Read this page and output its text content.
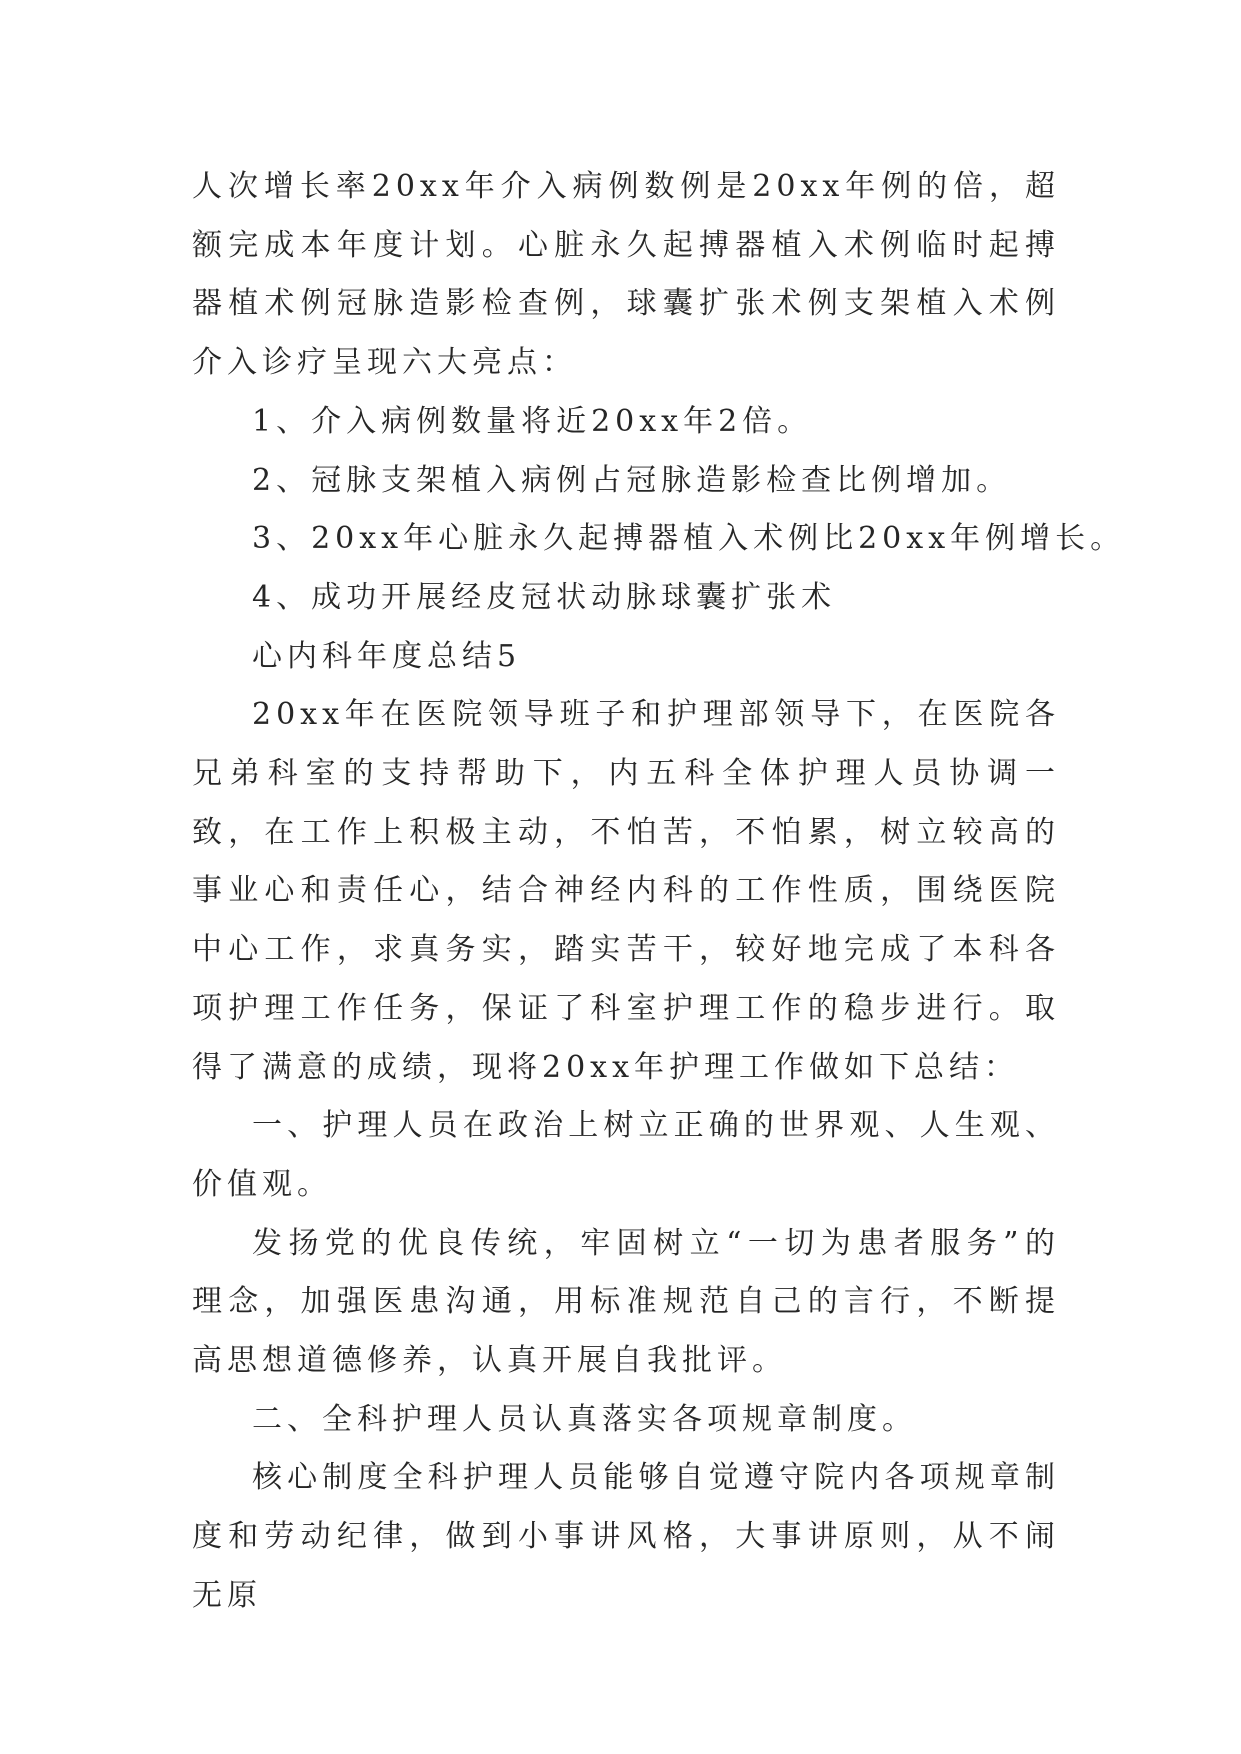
人次增长率20xx年介入病例数例是20xx年例的倍，超额完成本年度计划。心脏永久起搏器植入术例临时起搏器植术例冠脉造影检查例，球囊扩张术例支架植入术例介入诊疗呈现六大亮点：

1、介入病例数量将近20xx年2倍。

2、冠脉支架植入病例占冠脉造影检查比例增加。

3、20xx年心脏永久起搏器植入术例比20xx年例增长。

4、成功开展经皮冠状动脉球囊扩张术

心内科年度总结5

20xx年在医院领导班子和护理部领导下，在医院各兄弟科室的支持帮助下，内五科全体护理人员协调一致，在工作上积极主动，不怕苦，不怕累，树立较高的事业心和责任心，结合神经内科的工作性质，围绕医院中心工作，求真务实，踏实苦干，较好地完成了本科各项护理工作任务，保证了科室护理工作的稳步进行。取得了满意的成绩，现将20xx年护理工作做如下总结：

一、护理人员在政治上树立正确的世界观、人生观、价值观。

发扬党的优良传统，牢固树立“一切为患者服务”的理念，加强医患沟通，用标准规范自己的言行，不断提高思想道德修养，认真开展自我批评。

二、全科护理人员认真落实各项规章制度。

核心制度全科护理人员能够自觉遵守院内各项规章制度和劳动纪律，做到小事讲风格，大事讲原则，从不闹无原
